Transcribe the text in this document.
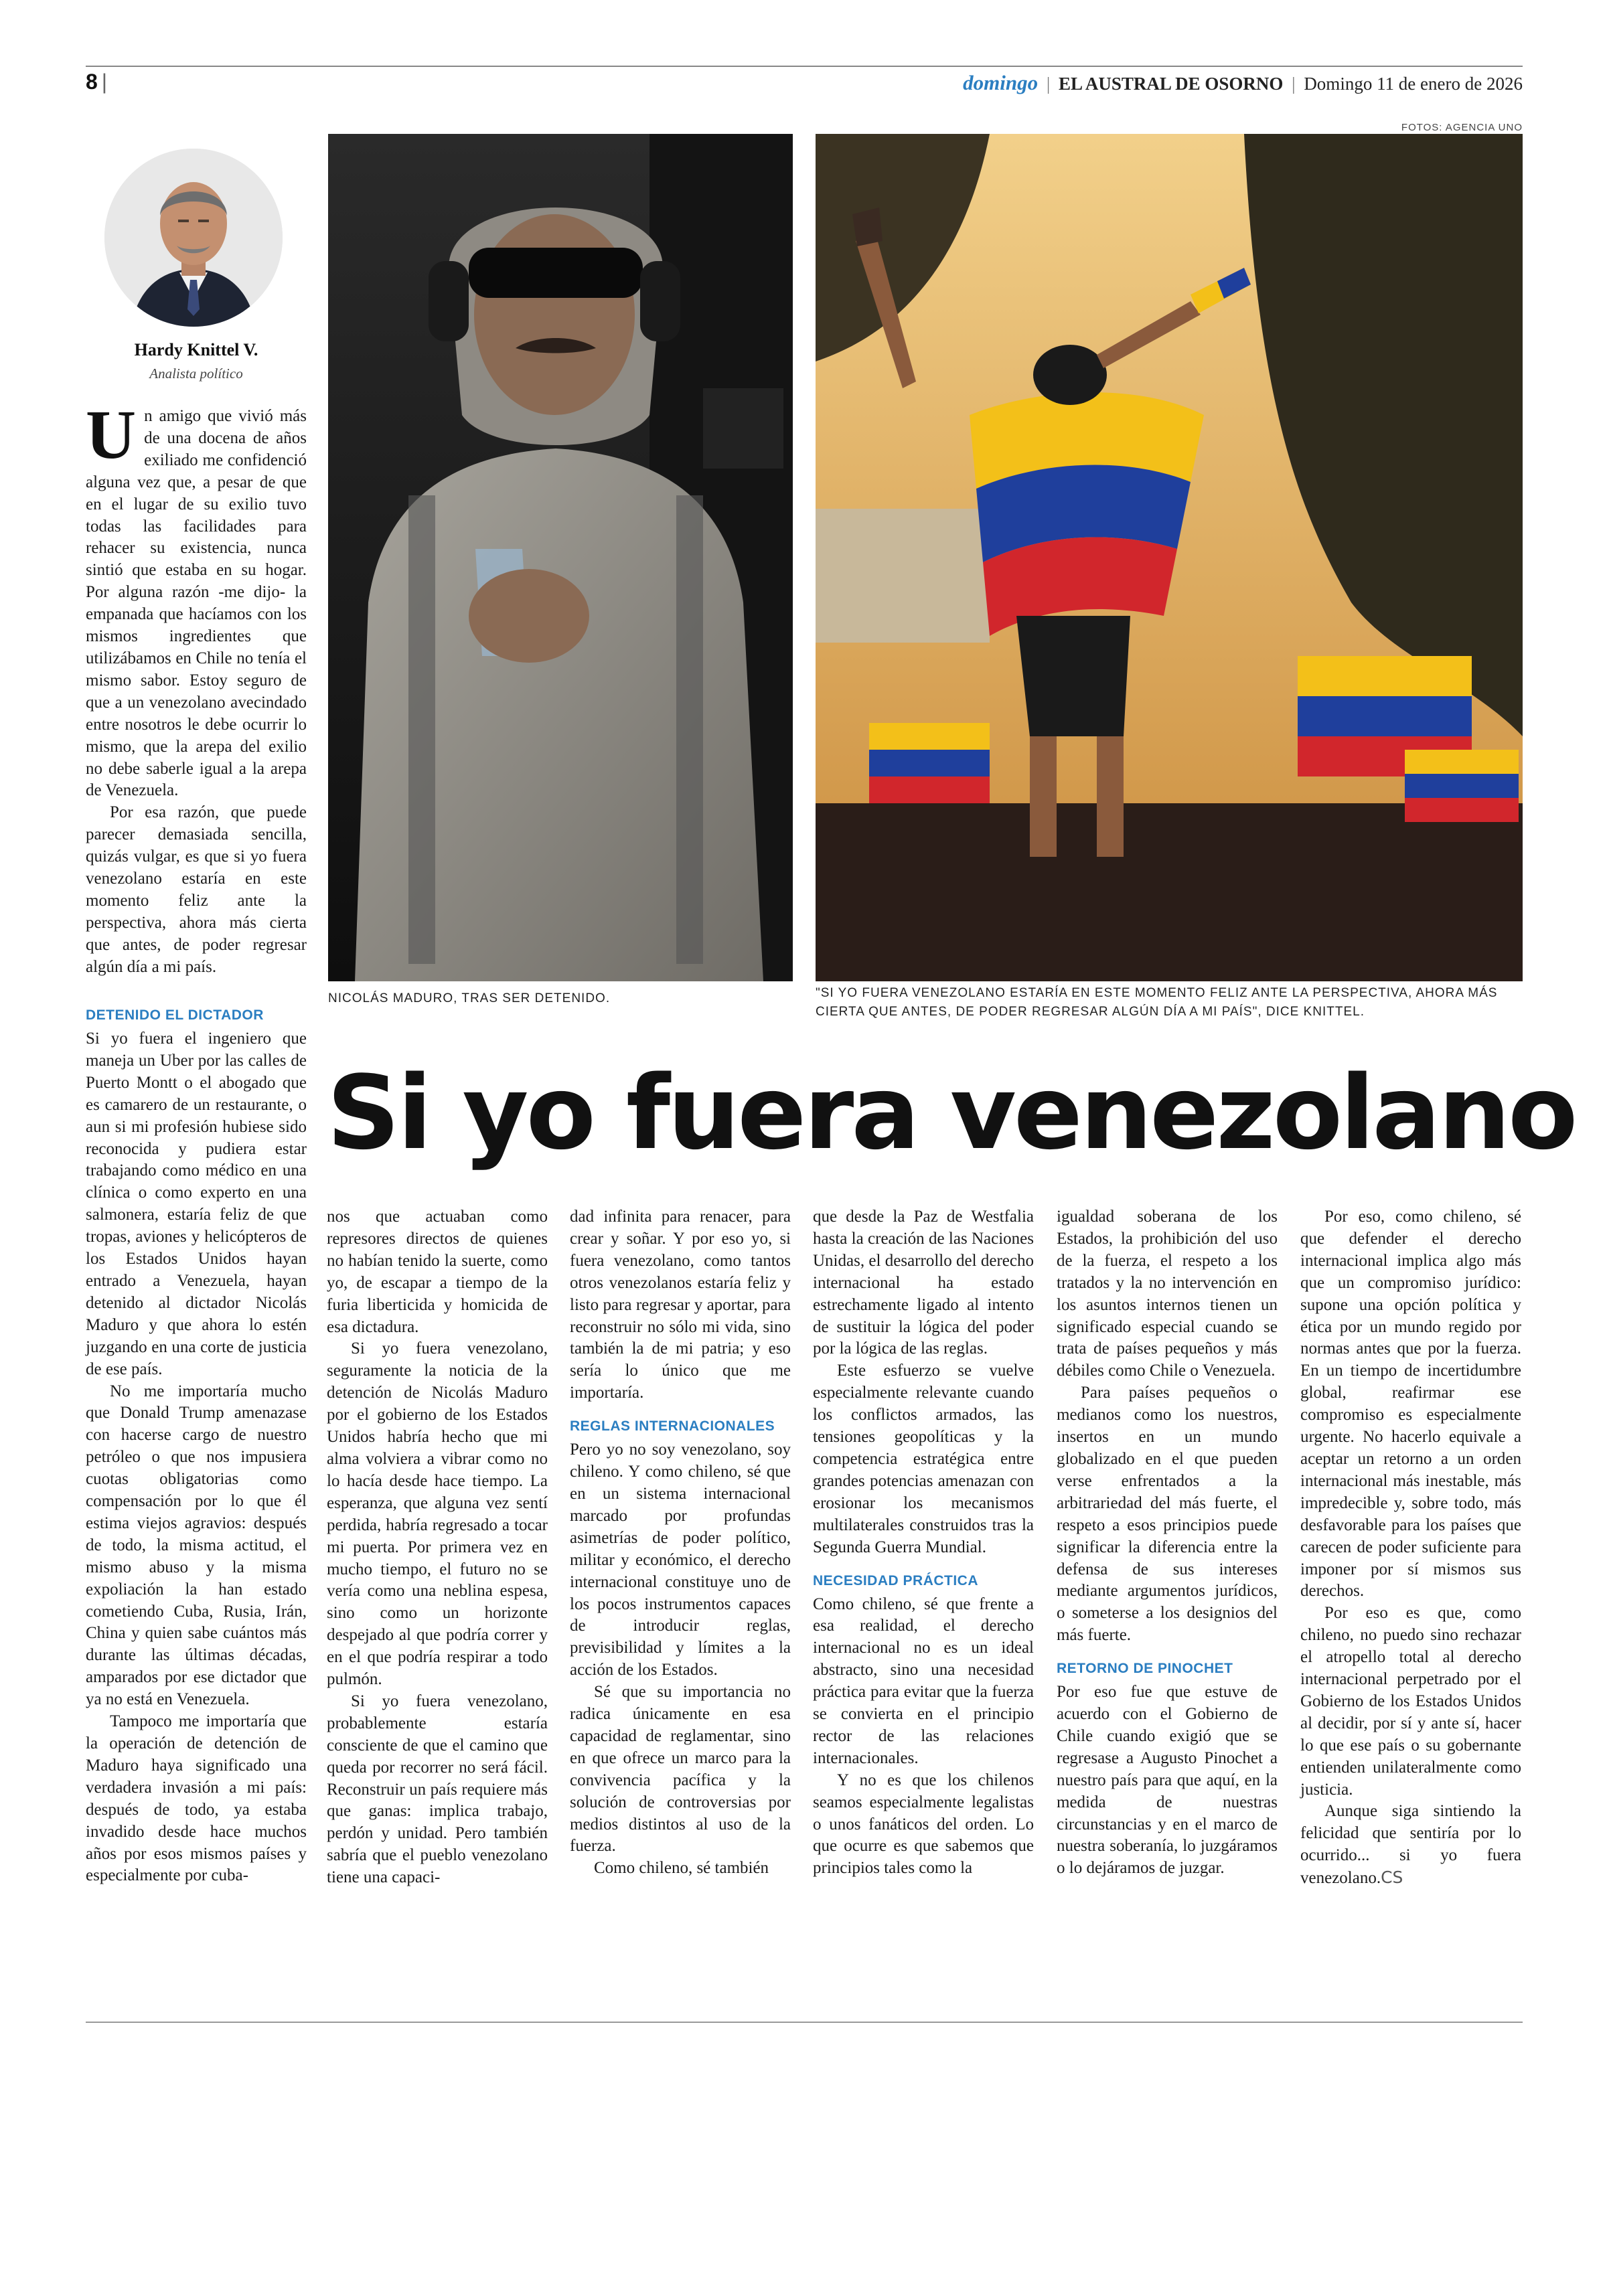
8 |	domingo | EL AUSTRAL DE OSORNO | Domingo 11 de enero de 2026
FOTOS: AGENCIA UNO
Hardy Knittel V.
Analista político
NICOLÁS MADURO, TRAS SER DETENIDO.	"SI YO FUERA VENEZOLANO ESTARÍA EN ESTE MOMENTO FELIZ ANTE LA PERSPECTIVA, AHORA MÁS CIERTA QUE ANTES, DE PODER REGRESAR ALGÚN DÍA A MI PAÍS", DICE KNITTEL.
Si yo fuera venezolano
U n amigo que vivió más de una docena de años exiliado me confidenció alguna vez que, a pesar de que en el lugar de su exilio tuvo todas las facilidades para rehacer su existencia, nunca sintió que estaba en su hogar. Por alguna razón -me dijo- la empanada que hacíamos con los mismos ingredientes que utilizábamos en Chile no tenía el mismo sabor. Estoy seguro de que a un venezolano avecindado entre nosotros le debe ocurrir lo mismo, que la arepa del exilio no debe saberle igual a la arepa de Venezuela.

Por esa razón, que puede parecer demasiada sencilla, quizás vulgar, es que si yo fuera venezolano estaría en este momento feliz ante la perspectiva, ahora más cierta que antes, de poder regresar algún día a mi país.

DETENIDO EL DICTADOR

Si yo fuera el ingeniero que maneja un Uber por las calles de Puerto Montt o el abogado que es camarero de un restaurante, o aun si mi profesión hubiese sido reconocida y pudiera estar trabajando como médico en una clínica o como experto en una salmonera, estaría feliz de que tropas, aviones y helicópteros de los Estados Unidos hayan entrado a Venezuela, hayan detenido al dictador Nicolás Maduro y que ahora lo estén juzgando en una corte de justicia de ese país.

No me importaría mucho que Donald Trump amenazase con hacerse cargo de nuestro petróleo o que nos impusiera cuotas obligatorias como compensación por lo que él estima viejos agravios: después de todo, la misma actitud, el mismo abuso y la misma expoliación la han estado cometiendo Cuba, Rusia, Irán, China y quien sabe cuántos más durante las últimas décadas, amparados por ese dictador que ya no está en Venezuela.

Tampoco me importaría que la operación de detención de Maduro haya significado una verdadera invasión a mi país: después de todo, ya estaba invadido desde hace muchos años por esos mismos países y especialmente por cuba-

nos que actuaban como represores directos de quienes no habían tenido la suerte, como yo, de escapar a tiempo de la furia liberticida y homicida de esa dictadura.

Si yo fuera venezolano, seguramente la noticia de la detención de Nicolás Maduro por el gobierno de los Estados Unidos habría hecho que mi alma volviera a vibrar como no lo hacía desde hace tiempo. La esperanza, que alguna vez sentí perdida, habría regresado a tocar mi puerta. Por primera vez en mucho tiempo, el futuro no se vería como una neblina espesa, sino como un horizonte despejado al que podría correr y en el que podría respirar a todo pulmón.

Si yo fuera venezolano, probablemente estaría consciente de que el camino que queda por recorrer no será fácil. Reconstruir un país requiere más que ganas: implica trabajo, perdón y unidad. Pero también sabría que el pueblo venezolano tiene una capaci-

dad infinita para renacer, para crear y soñar. Y por eso yo, si fuera venezolano, como tantos otros venezolanos estaría feliz y listo para regresar y aportar, para reconstruir no sólo mi vida, sino también la de mi patria; y eso sería lo único que me importaría.

REGLAS INTERNACIONALES

Pero yo no soy venezolano, soy chileno. Y como chileno, sé que en un sistema internacional marcado por profundas asimetrías de poder político, militar y económico, el derecho internacional constituye uno de los pocos instrumentos capaces de introducir reglas, previsibilidad y límites a la acción de los Estados.

Sé que su importancia no radica únicamente en esa capacidad de reglamentar, sino en que ofrece un marco para la convivencia pacífica y la solución de controversias por medios distintos al uso de la fuerza.

Como chileno, sé también

que desde la Paz de Westfalia hasta la creación de las Naciones Unidas, el desarrollo del derecho internacional ha estado estrechamente ligado al intento de sustituir la lógica del poder por la lógica de las reglas.

Este esfuerzo se vuelve especialmente relevante cuando los conflictos armados, las tensiones geopolíticas y la competencia estratégica entre grandes potencias amenazan con erosionar los mecanismos multilaterales construidos tras la Segunda Guerra Mundial.

NECESIDAD PRÁCTICA

Como chileno, sé que frente a esa realidad, el derecho internacional no es un ideal abstracto, sino una necesidad práctica para evitar que la fuerza se convierta en el principio rector de las relaciones internacionales.

Y no es que los chilenos seamos especialmente legalistas o unos fanáticos del orden. Lo que ocurre es que sabemos que principios tales como la

igualdad soberana de los Estados, la prohibición del uso de la fuerza, el respeto a los tratados y la no intervención en los asuntos internos tienen un significado especial cuando se trata de países pequeños y más débiles como Chile o Venezuela.

Para países pequeños o medianos como los nuestros, insertos en un mundo globalizado en el que pueden verse enfrentados a la arbitrariedad del más fuerte, el respeto a esos principios puede significar la diferencia entre la defensa de sus intereses mediante argumentos jurídicos, o someterse a los designios del más fuerte.

RETORNO DE PINOCHET

Por eso fue que estuve de acuerdo con el Gobierno de Chile cuando exigió que se regresase a Augusto Pinochet a nuestro país para que aquí, en la medida de nuestras circunstancias y en el marco de nuestra soberanía, lo juzgáramos o lo dejáramos de juzgar.

Por eso, como chileno, sé que defender el derecho internacional implica algo más que un compromiso jurídico: supone una opción política y ética por un mundo regido por normas antes que por la fuerza. En un tiempo de incertidumbre global, reafirmar ese compromiso es especialmente urgente. No hacerlo equivale a aceptar un retorno a un orden internacional más inestable, más impredecible y, sobre todo, más desfavorable para los países que carecen de poder suficiente para imponer por sí mismos sus derechos.

Por eso es que, como chileno, no puedo sino rechazar el atropello total al derecho internacional perpetrado por el Gobierno de los Estados Unidos al decidir, por sí y ante sí, hacer lo que ese país o su gobernante entienden unilateralmente como justicia.

Aunque siga sintiendo la felicidad que sentiría por lo ocurrido... si yo fuera venezolano.CS
